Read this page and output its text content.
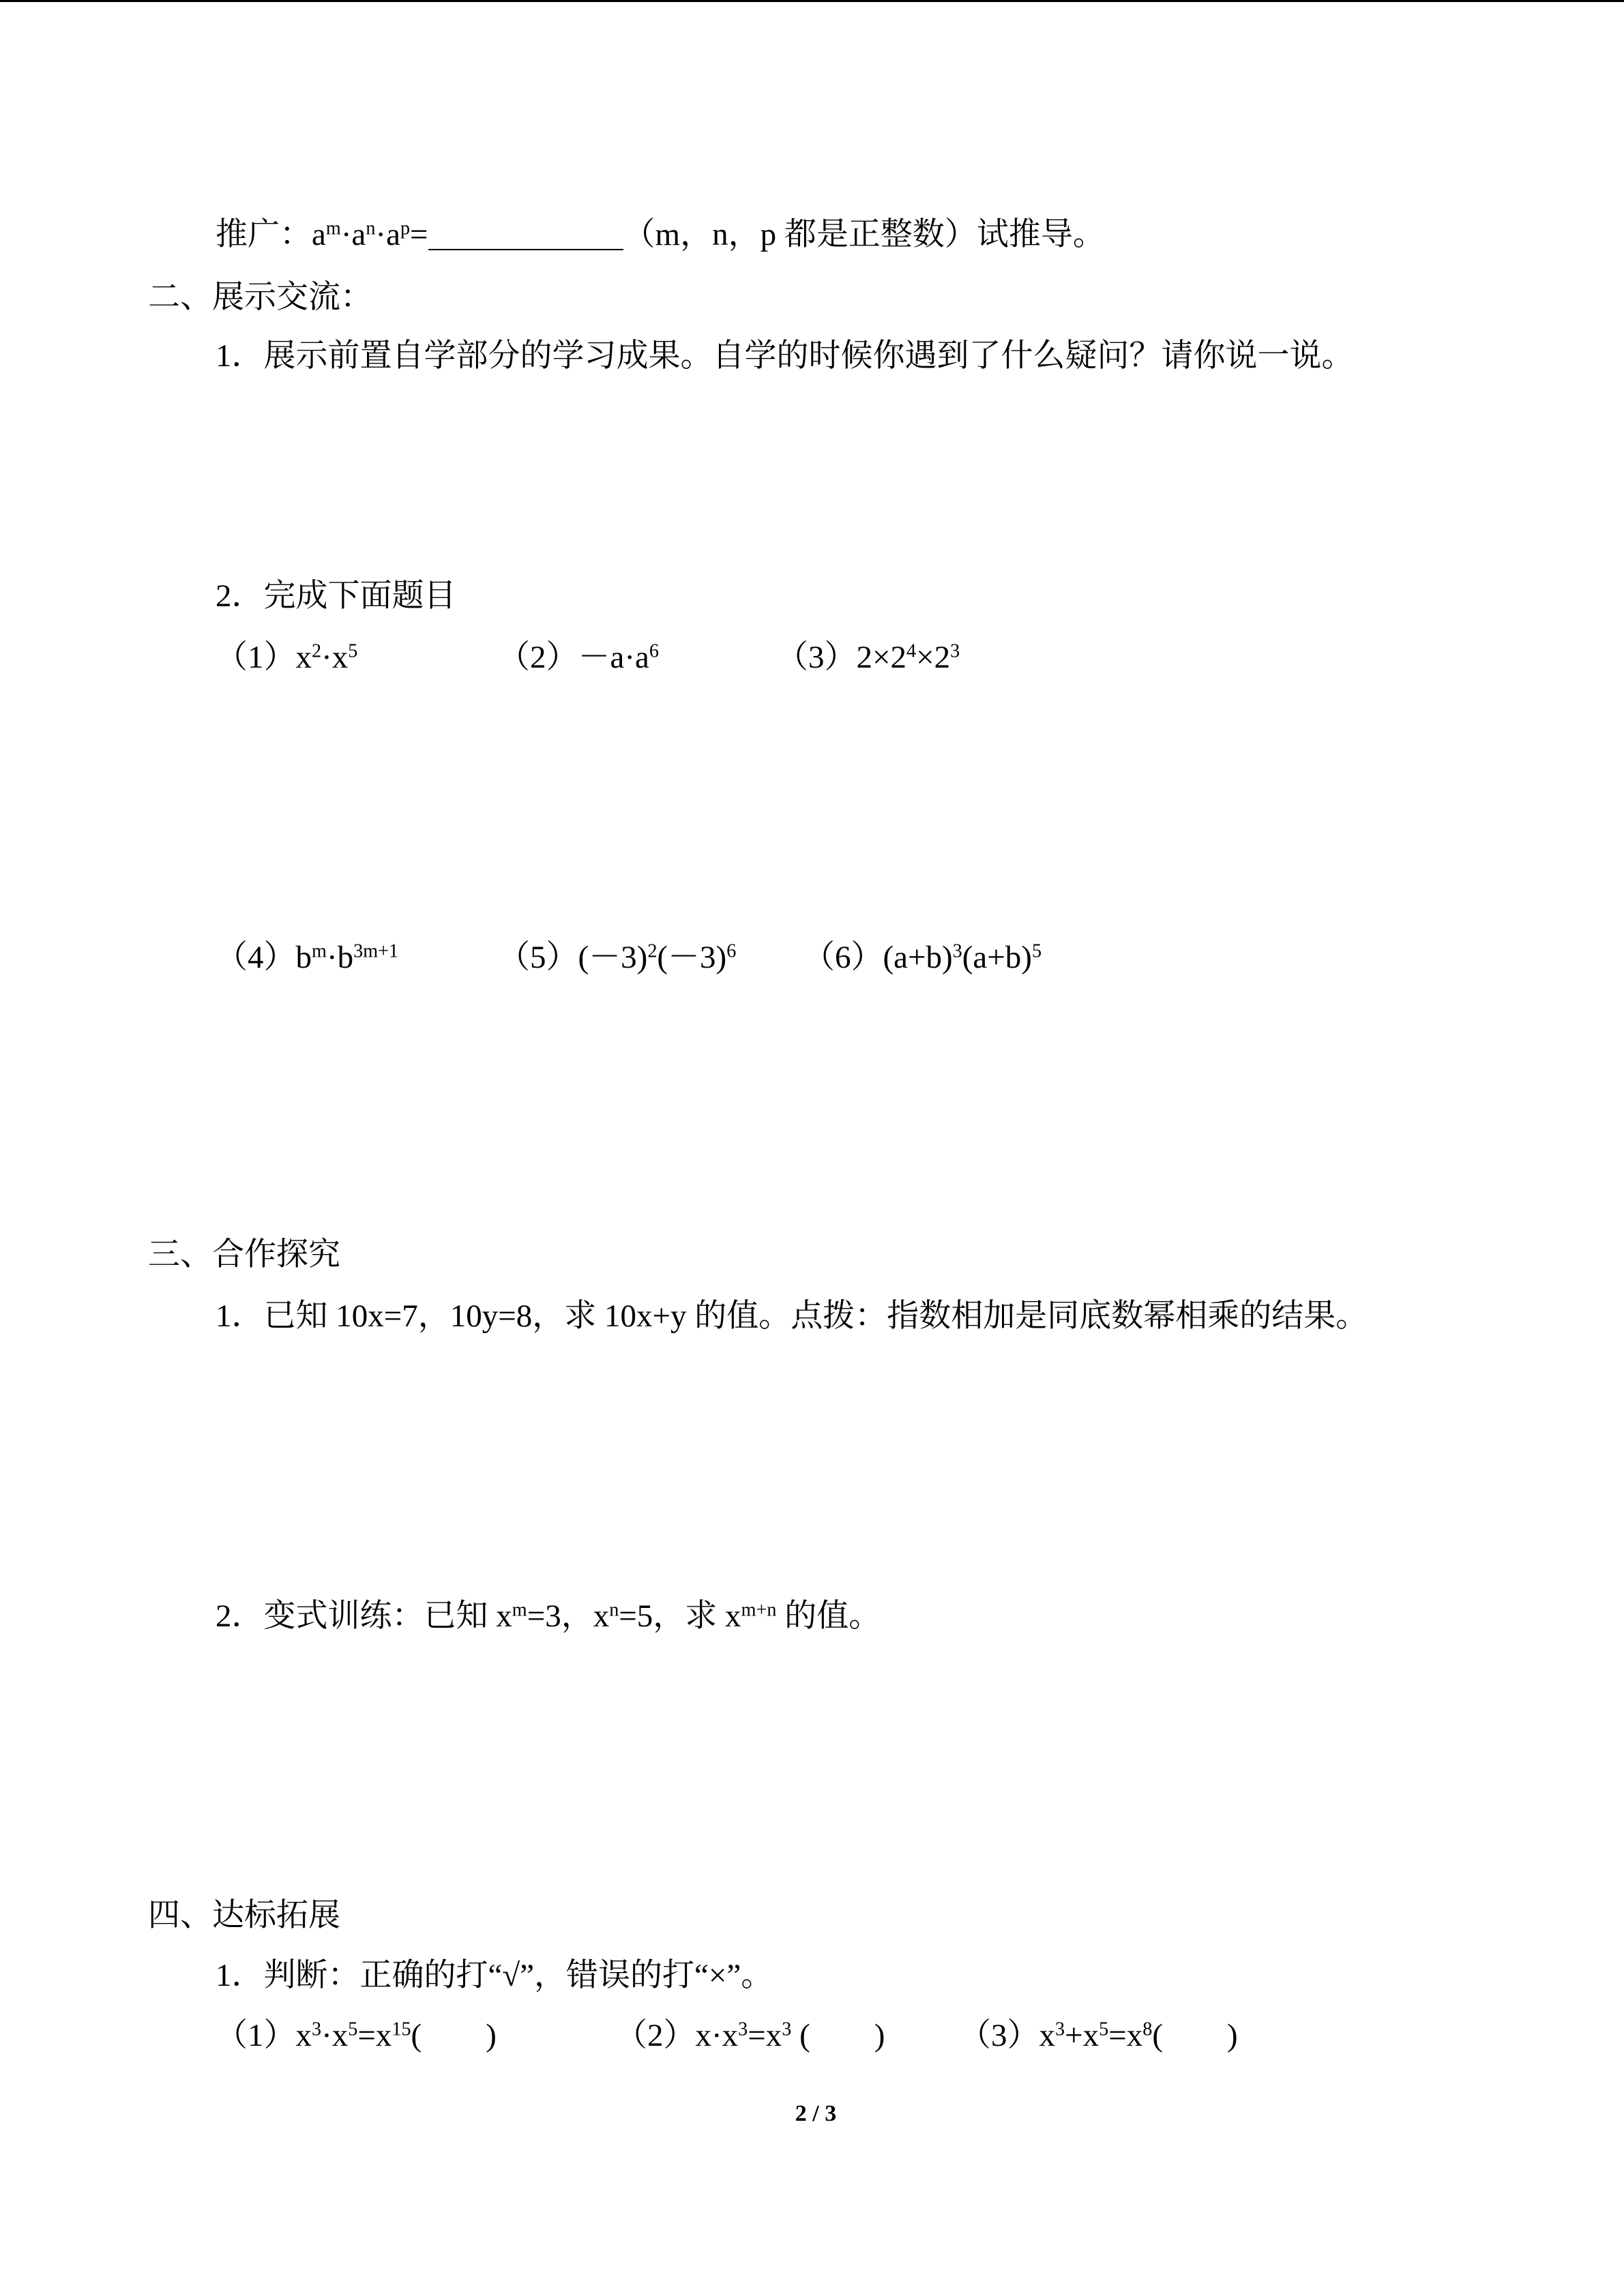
推广：$a^m\cdot a^n\cdot a^p=$	（m，n，p 都是正整数）试推导。
二、展示交流：
1．展示前置自学部分的学习成果。自学的时候你遇到了什么疑问？请你说一说。
2．完成下面题目
$(1)x^2\cdot x^5$	$(2)-a\cdot a^6$	$(3)2\times 2^4\times 2^3$
$(4)b^m\cdot b^{3m+1}$	$(5)(-3)^2(-3)^6$ $(6)(a+b)^3(a+b)^5$
三、合作探究
1．已知 10x=7，10y=8，求 10x+y 的值。点拨：指数相加是同底数幂相乘的结果。
2．变式训练：已知 $x^m=3$，$x^n=5$，求 $x^{m+n}$ 的值。
四、达标拓展
1．判断：正确的打“√”，错误的打“×”。
$(1)x^3\cdot x^5=x^{15}$(　　)	$(2)x\cdot x^3=x^3$ (　　) $(3)x^3+x^5=x^8$(　　)
2 / 3
